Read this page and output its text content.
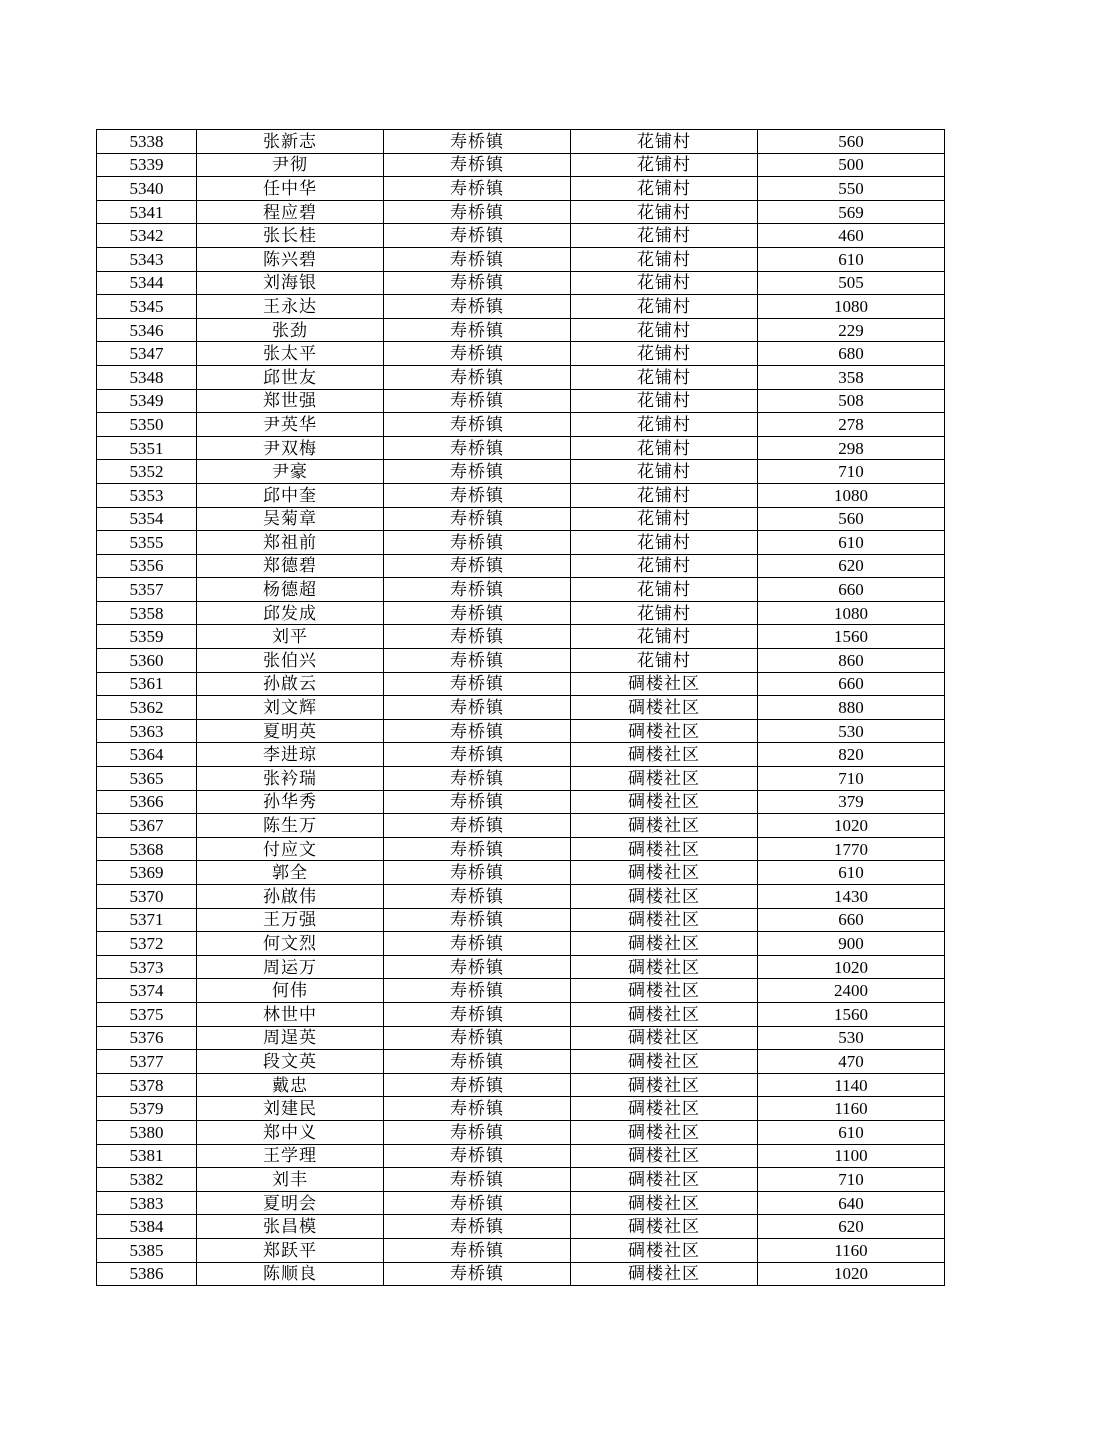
5338	张新志	寿桥镇	花铺村	560
5339	尹彻	寿桥镇	花铺村	500
5340	任中华	寿桥镇	花铺村	550
5341	程应碧	寿桥镇	花铺村	569
5342	张长桂	寿桥镇	花铺村	460
5343	陈兴碧	寿桥镇	花铺村	610
5344	刘海银	寿桥镇	花铺村	505
5345	王永达	寿桥镇	花铺村	1080
5346	张劲	寿桥镇	花铺村	229
5347	张太平	寿桥镇	花铺村	680
5348	邱世友	寿桥镇	花铺村	358
5349	郑世强	寿桥镇	花铺村	508
5350	尹英华	寿桥镇	花铺村	278
5351	尹双梅	寿桥镇	花铺村	298
5352	尹豪	寿桥镇	花铺村	710
5353	邱中奎	寿桥镇	花铺村	1080
5354	吴菊章	寿桥镇	花铺村	560
5355	郑祖前	寿桥镇	花铺村	610
5356	郑德碧	寿桥镇	花铺村	620
5357	杨德超	寿桥镇	花铺村	660
5358	邱发成	寿桥镇	花铺村	1080
5359	刘平	寿桥镇	花铺村	1560
5360	张伯兴	寿桥镇	花铺村	860
5361	孙啟云	寿桥镇	碉楼社区	660
5362	刘文辉	寿桥镇	碉楼社区	880
5363	夏明英	寿桥镇	碉楼社区	530
5364	李进琼	寿桥镇	碉楼社区	820
5365	张衿瑞	寿桥镇	碉楼社区	710
5366	孙华秀	寿桥镇	碉楼社区	379
5367	陈生万	寿桥镇	碉楼社区	1020
5368	付应文	寿桥镇	碉楼社区	1770
5369	郭全	寿桥镇	碉楼社区	610
5370	孙啟伟	寿桥镇	碉楼社区	1430
5371	王万强	寿桥镇	碉楼社区	660
5372	何文烈	寿桥镇	碉楼社区	900
5373	周运万	寿桥镇	碉楼社区	1020
5374	何伟	寿桥镇	碉楼社区	2400
5375	林世中	寿桥镇	碉楼社区	1560
5376	周逞英	寿桥镇	碉楼社区	530
5377	段文英	寿桥镇	碉楼社区	470
5378	戴忠	寿桥镇	碉楼社区	1140
5379	刘建民	寿桥镇	碉楼社区	1160
5380	郑中义	寿桥镇	碉楼社区	610
5381	王学理	寿桥镇	碉楼社区	1100
5382	刘丰	寿桥镇	碉楼社区	710
5383	夏明会	寿桥镇	碉楼社区	640
5384	张昌模	寿桥镇	碉楼社区	620
5385	郑跃平	寿桥镇	碉楼社区	1160
5386	陈顺良	寿桥镇	碉楼社区	1020
